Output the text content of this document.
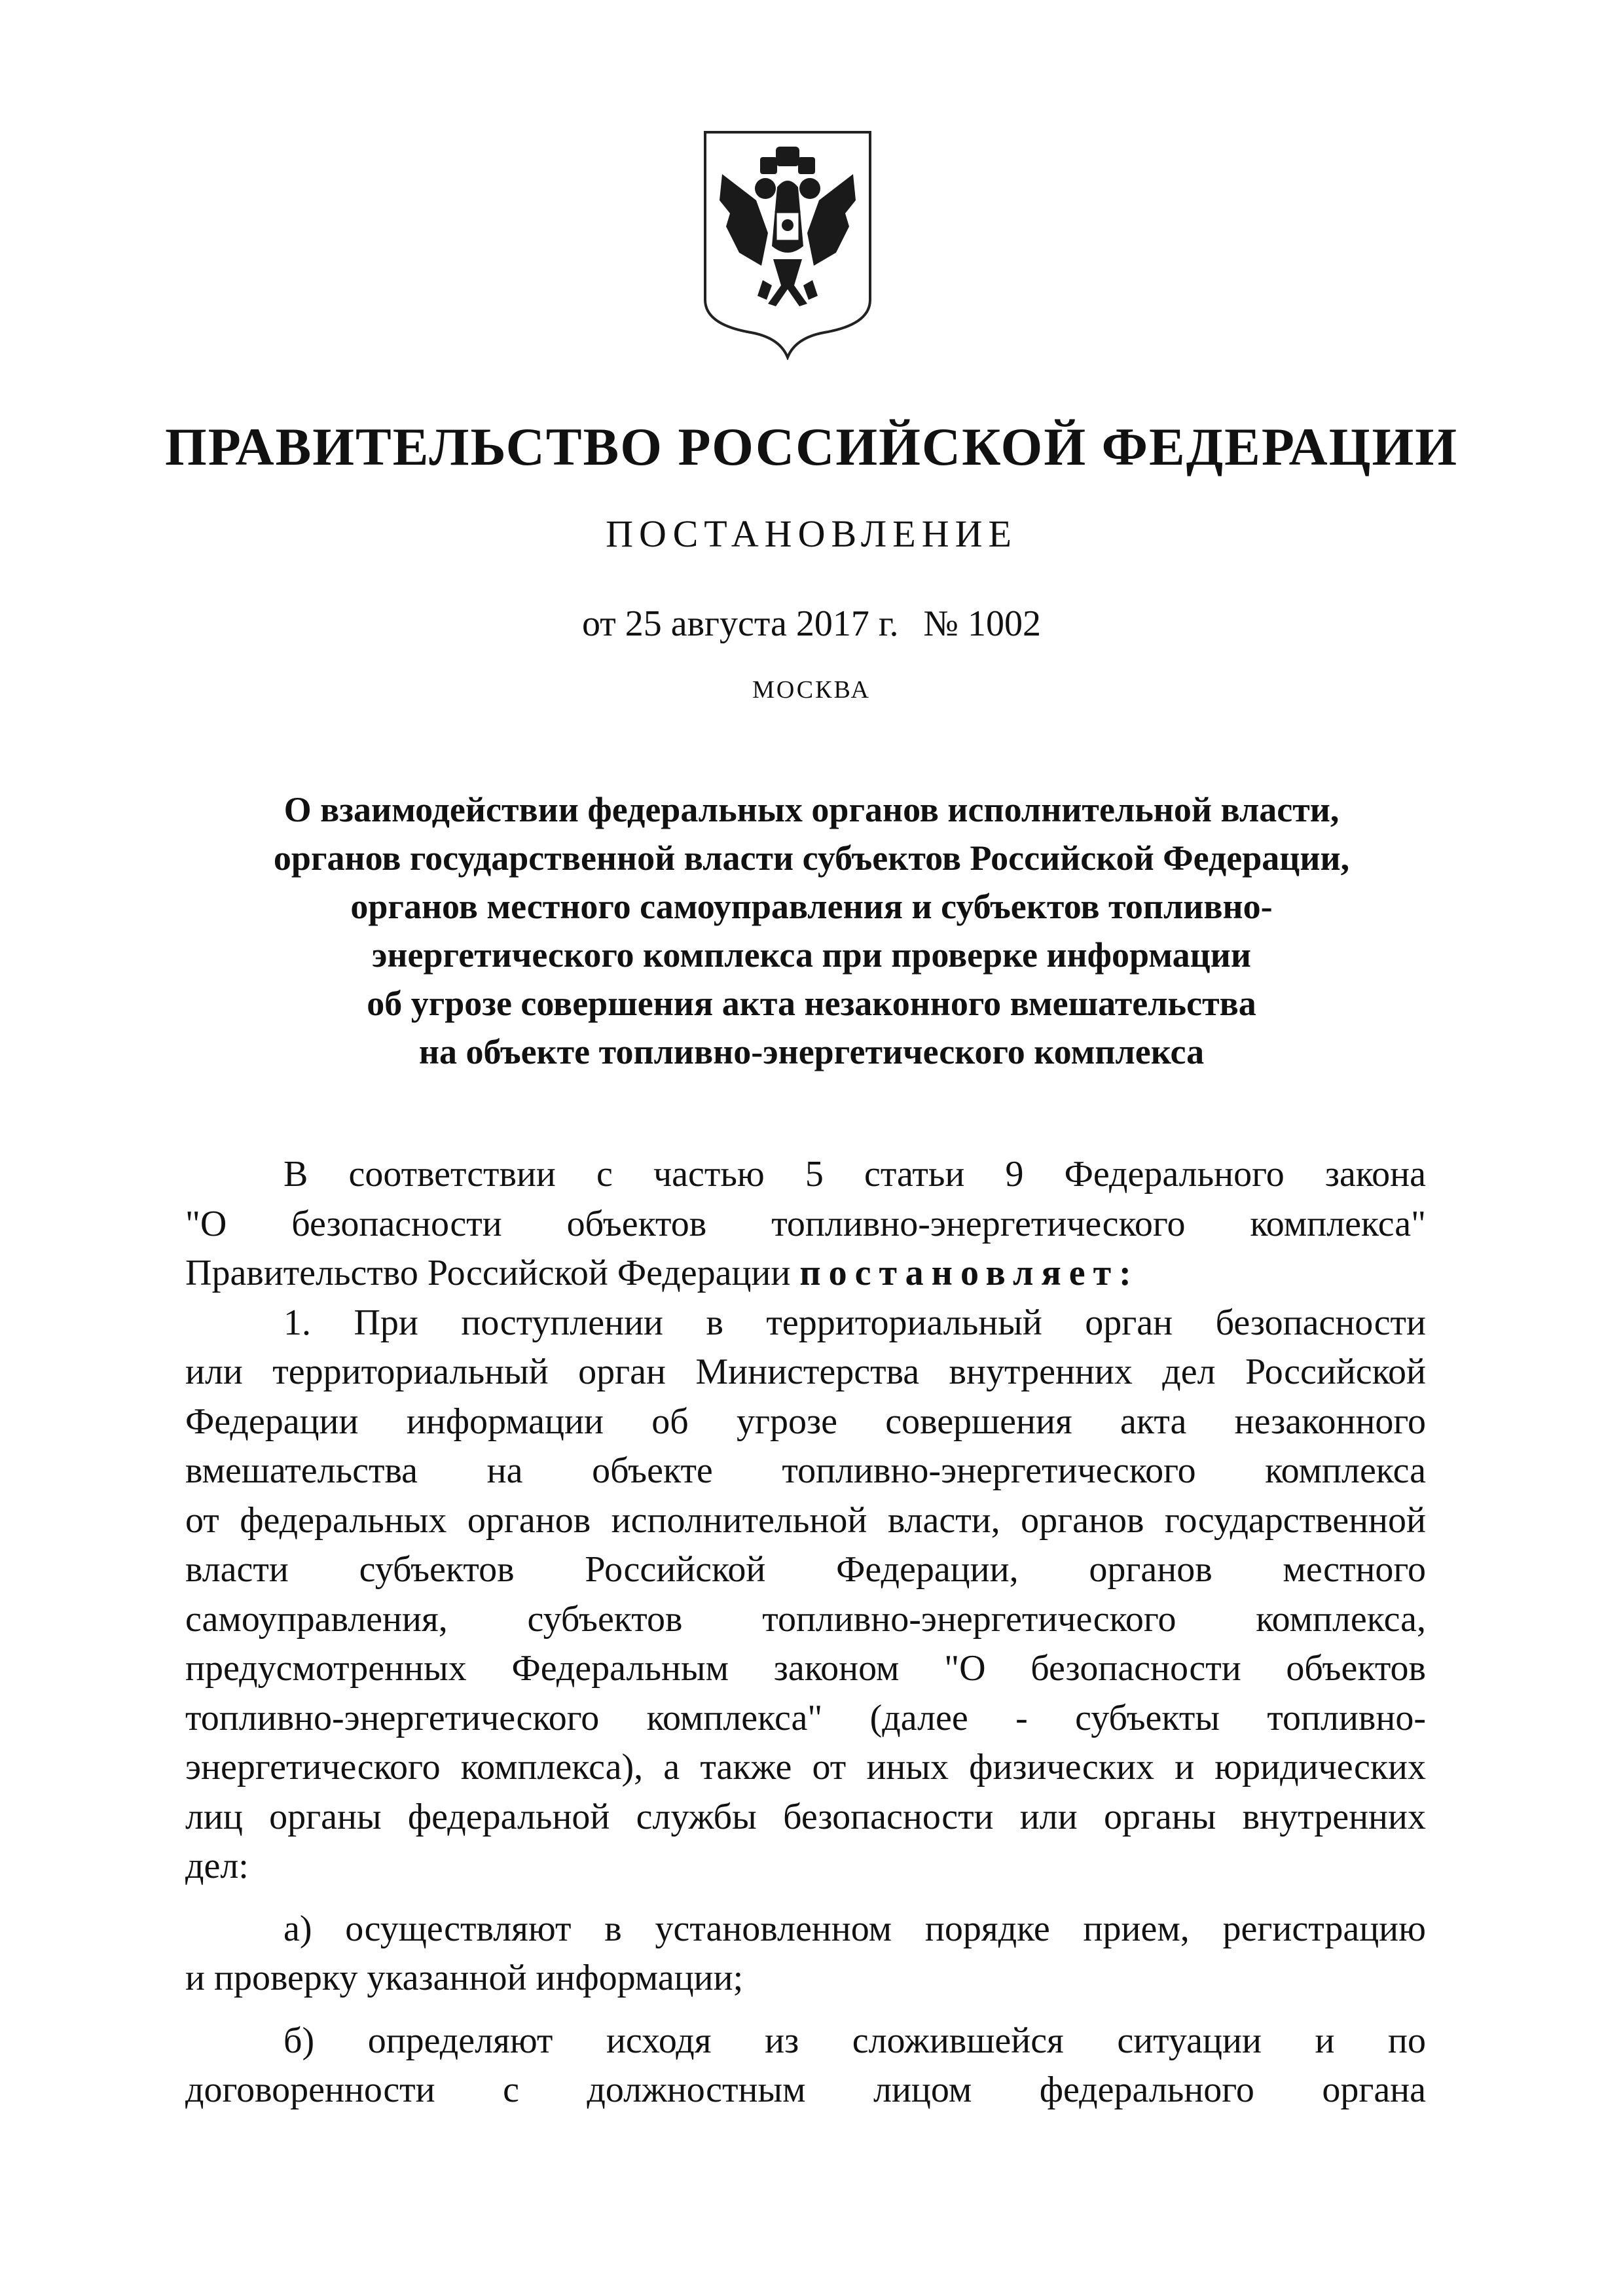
ПРАВИТЕЛЬСТВО РОССИЙСКОЙ ФЕДЕРАЦИИ
ПОСТАНОВЛЕНИЕ
от 25 августа 2017 г. № 1002
МОСКВА
О взаимодействии федеральных органов исполнительной власти,
органов государственной власти субъектов Российской Федерации,
органов местного самоуправления и субъектов топливно-
энергетического комплекса при проверке информации
об угрозе совершения акта незаконного вмешательства
на объекте топливно-энергетического комплекса
В соответствии с частью 5 статьи 9 Федерального закона
"О безопасности объектов топливно-энергетического комплекса"
Правительство Российской Федерации постановляет:
1. При поступлении в территориальный орган безопасности
или территориальный орган Министерства внутренних дел Российской
Федерации информации об угрозе совершения акта незаконного
вмешательства на объекте топливно-энергетического комплекса
от федеральных органов исполнительной власти, органов государственной
власти субъектов Российской Федерации, органов местного
самоуправления, субъектов топливно-энергетического комплекса,
предусмотренных Федеральным законом "О безопасности объектов
топливно-энергетического комплекса" (далее - субъекты топливно-
энергетического комплекса), а также от иных физических и юридических
лиц органы федеральной службы безопасности или органы внутренних
дел:
а) осуществляют в установленном порядке прием, регистрацию
и проверку указанной информации;
б) определяют исходя из сложившейся ситуации и по
договоренности с должностным лицом федерального органа
